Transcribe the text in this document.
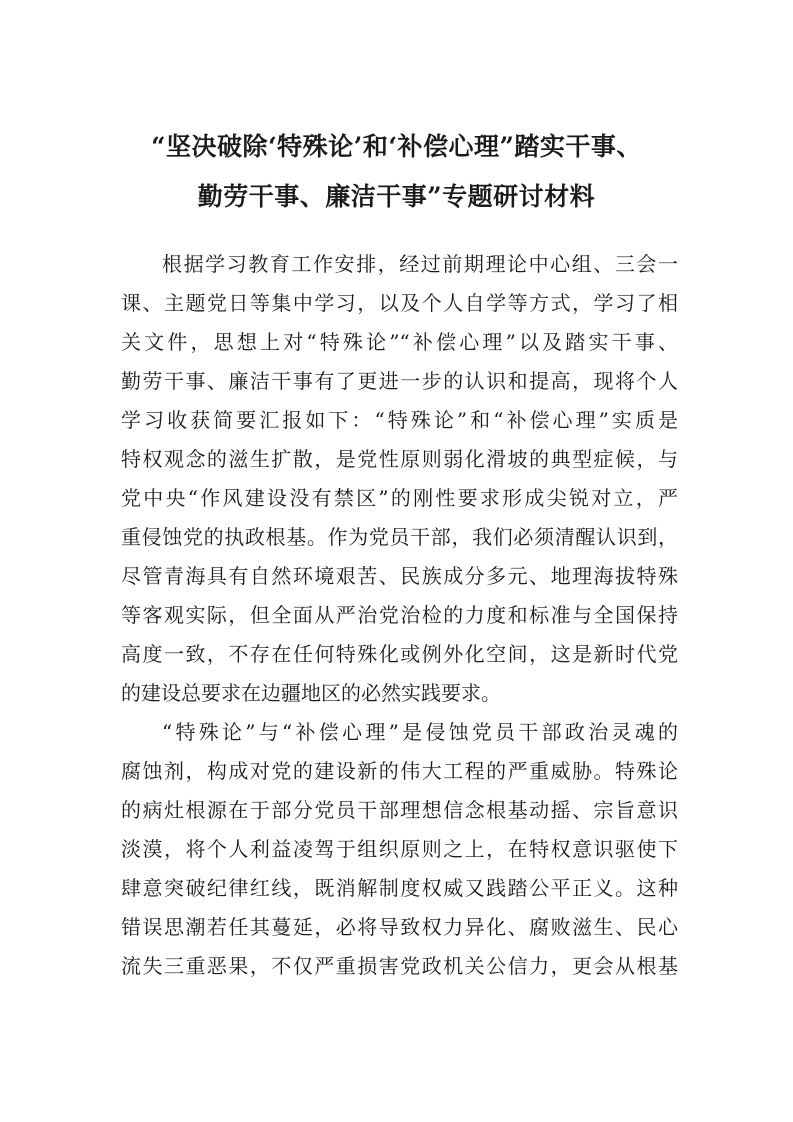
“坚决破除‘特殊论’和‘补偿心理”踏实干事、
勤劳干事、廉洁干事”专题研讨材料
根据学习教育工作安排，经过前期理论中心组、三会一
课、主题党日等集中学习，以及个人自学等方式，学习了相
关文件，思想上对“特殊论”“补偿心理”以及踏实干事、
勤劳干事、廉洁干事有了更进一步的认识和提高，现将个人
学习收获简要汇报如下：“特殊论”和“补偿心理”实质是
特权观念的滋生扩散，是党性原则弱化滑坡的典型症候，与
党中央“作风建设没有禁区”的刚性要求形成尖锐对立，严
重侵蚀党的执政根基。作为党员干部，我们必须清醒认识到，
尽管青海具有自然环境艰苦、民族成分多元、地理海拔特殊
等客观实际，但全面从严治党治检的力度和标准与全国保持
高度一致，不存在任何特殊化或例外化空间，这是新时代党
的建设总要求在边疆地区的必然实践要求。
“特殊论”与“补偿心理”是侵蚀党员干部政治灵魂的
腐蚀剂，构成对党的建设新的伟大工程的严重威胁。特殊论
的病灶根源在于部分党员干部理想信念根基动摇、宗旨意识
淡漠，将个人利益凌驾于组织原则之上，在特权意识驱使下
肆意突破纪律红线，既消解制度权威又践踏公平正义。这种
错误思潮若任其蔓延，必将导致权力异化、腐败滋生、民心
流失三重恶果，不仅严重损害党政机关公信力，更会从根基
